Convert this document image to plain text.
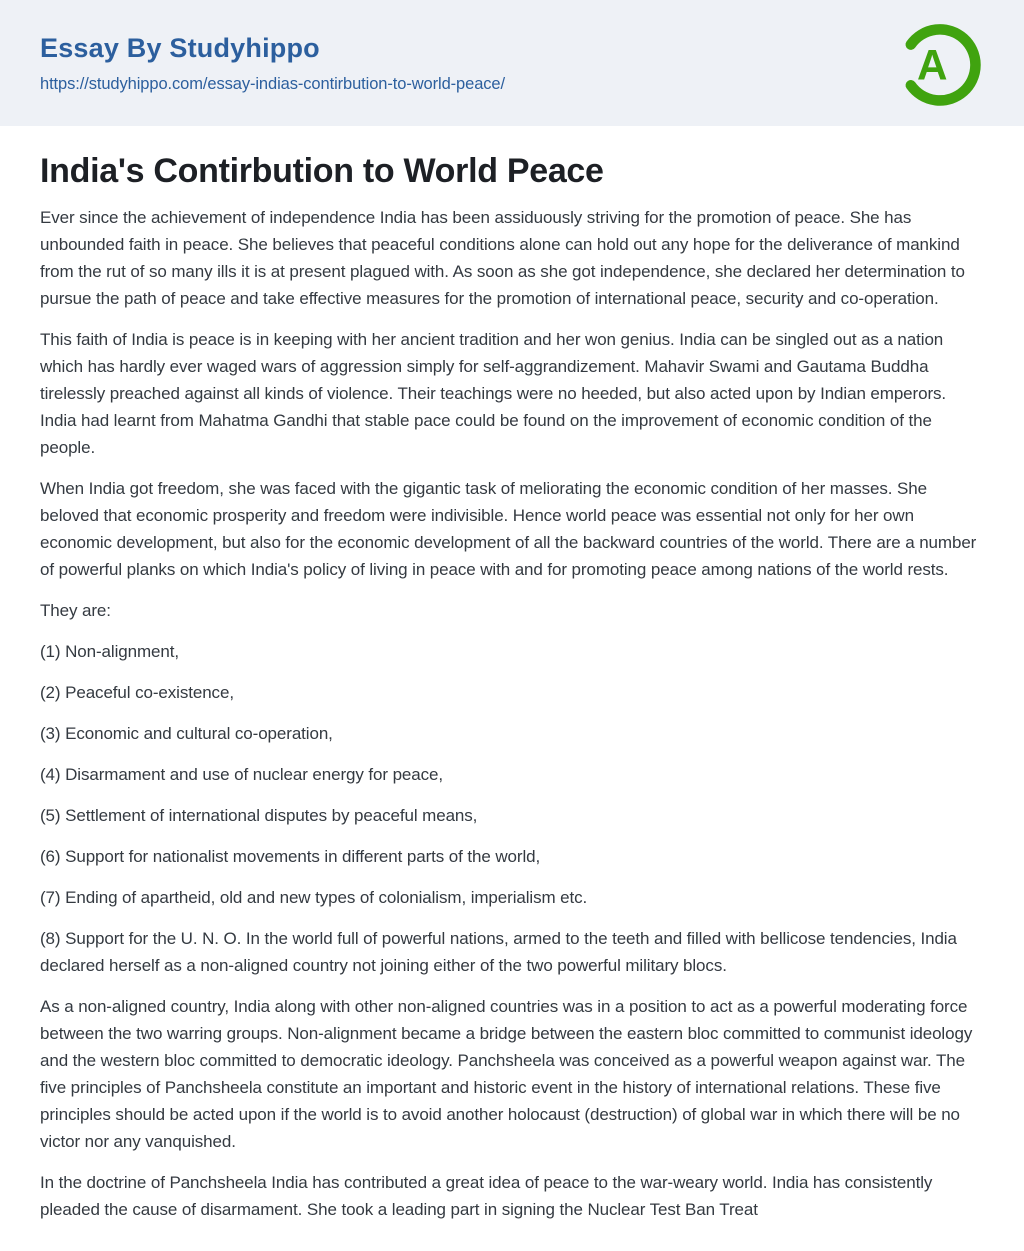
Essay By Studyhippo
https://studyhippo.com/essay-indias-contirbution-to-world-peace/	A
India's Contirbution to World Peace

Ever since the achievement of independence India has been assiduously striving for the promotion of peace. She has unbounded faith in peace. She believes that peaceful conditions alone can hold out any hope for the deliverance of mankind from the rut of so many ills it is at present plagued with. As soon as she got independence, she declared her determination to pursue the path of peace and take effective measures for the promotion of international peace, security and co-operation.

This faith of India is peace is in keeping with her ancient tradition and her won genius. India can be singled out as a nation which has hardly ever waged wars of aggression simply for self-aggrandizement. Mahavir Swami and Gautama Buddha tirelessly preached against all kinds of violence. Their teachings were no heeded, but also acted upon by Indian emperors. India had learnt from Mahatma Gandhi that stable pace could be found on the improvement of economic condition of the people.

When India got freedom, she was faced with the gigantic task of meliorating the economic condition of her masses. She beloved that economic prosperity and freedom were indivisible. Hence world peace was essential not only for her own economic development, but also for the economic development of all the backward countries of the world. There are a number of powerful planks on which India's policy of living in peace with and for promoting peace among nations of the world rests.

They are:

(1) Non-alignment,

(2) Peaceful co-existence,

(3) Economic and cultural co-operation,

(4) Disarmament and use of nuclear energy for peace,

(5) Settlement of international disputes by peaceful means,

(6) Support for nationalist movements in different parts of the world,

(7) Ending of apartheid, old and new types of colonialism, imperialism etc.

(8) Support for the U. N. O. In the world full of powerful nations, armed to the teeth and filled with bellicose tendencies, India declared herself as a non-aligned country not joining either of the two powerful military blocs.

As a non-aligned country, India along with other non-aligned countries was in a position to act as a powerful moderating force between the two warring groups. Non-alignment became a bridge between the eastern bloc committed to communist ideology and the western bloc committed to democratic ideology. Panchsheela was conceived as a powerful weapon against war. The five principles of Panchsheela constitute an important and historic event in the history of international relations. These five principles should be acted upon if the world is to avoid another holocaust (destruction) of global war in which there will be no victor nor any vanquished.

In the doctrine of Panchsheela India has contributed a great idea of peace to the war-weary world. India has consistently pleaded the cause of disarmament. She took a leading part in signing the Nuclear Test Ban Treat
